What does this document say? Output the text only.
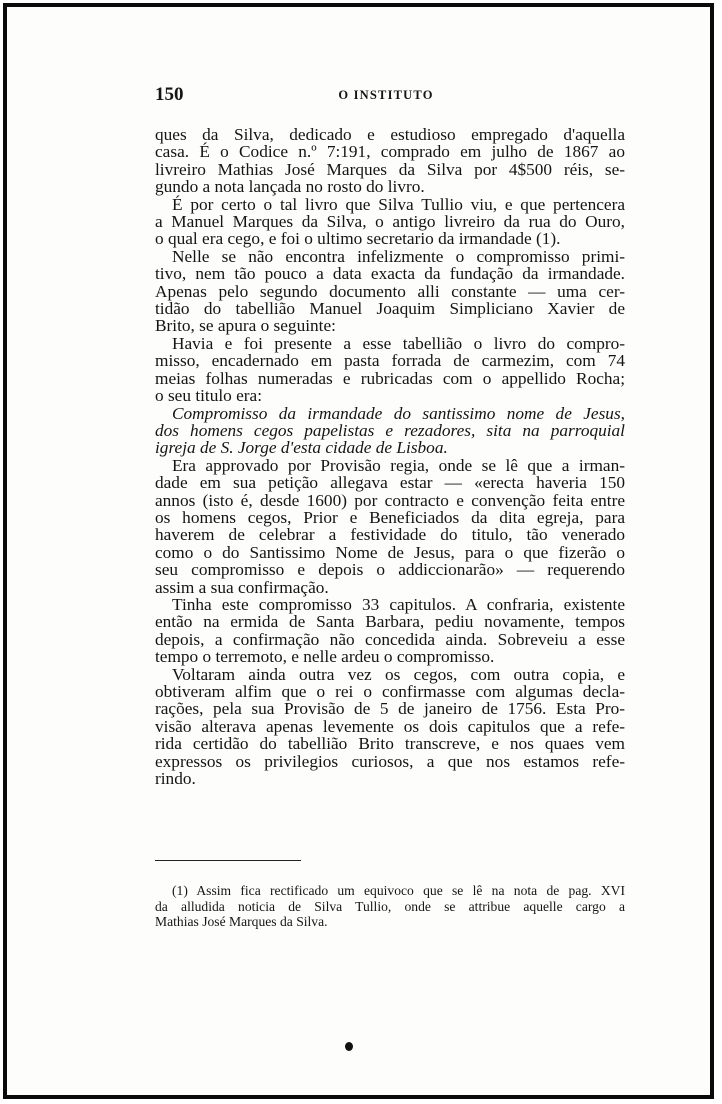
150	O INSTITUTO
ques da Silva, dedicado e estudioso empregado d'aquella
casa. É o Codice n.º 7:191, comprado em julho de 1867 ao
livreiro Mathias José Marques da Silva por 4$500 réis, se-
gundo a nota lançada no rosto do livro.
É por certo o tal livro que Silva Tullio viu, e que pertencera
a Manuel Marques da Silva, o antigo livreiro da rua do Ouro,
o qual era cego, e foi o ultimo secretario da irmandade (1).
Nelle se não encontra infelizmente o compromisso primi-
tivo, nem tão pouco a data exacta da fundação da irmandade.
Apenas pelo segundo documento alli constante — uma cer-
tidão do tabellião Manuel Joaquim Simpliciano Xavier de
Brito, se apura o seguinte:
Havia e foi presente a esse tabellião o livro do compro-
misso, encadernado em pasta forrada de carmezim, com 74
meias folhas numeradas e rubricadas com o appellido Rocha;
o seu titulo era:
Compromisso da irmandade do santissimo nome de Jesus,
dos homens cegos papelistas e rezadores, sita na parroquial
igreja de S. Jorge d'esta cidade de Lisboa.
Era approvado por Provisão regia, onde se lê que a irman-
dade em sua petição allegava estar — «erecta haveria 150
annos (isto é, desde 1600) por contracto e convenção feita entre
os homens cegos, Prior e Beneficiados da dita egreja, para
haverem de celebrar a festividade do titulo, tão venerado
como o do Santissimo Nome de Jesus, para o que fizerão o
seu compromisso e depois o addiccionarão» — requerendo
assim a sua confirmação.
Tinha este compromisso 33 capitulos. A confraria, existente
então na ermida de Santa Barbara, pediu novamente, tempos
depois, a confirmação não concedida ainda. Sobreveiu a esse
tempo o terremoto, e nelle ardeu o compromisso.
Voltaram ainda outra vez os cegos, com outra copia, e
obtiveram alfim que o rei o confirmasse com algumas decla-
rações, pela sua Provisão de 5 de janeiro de 1756. Esta Pro-
visão alterava apenas levemente os dois capitulos que a refe-
rida certidão do tabellião Brito transcreve, e nos quaes vem
expressos os privilegios curiosos, a que nos estamos refe-
rindo.
(1) Assim fica rectificado um equivoco que se lê na nota de pag. XVI
da alludida noticia de Silva Tullio, onde se attribue aquelle cargo a
Mathias José Marques da Silva.
